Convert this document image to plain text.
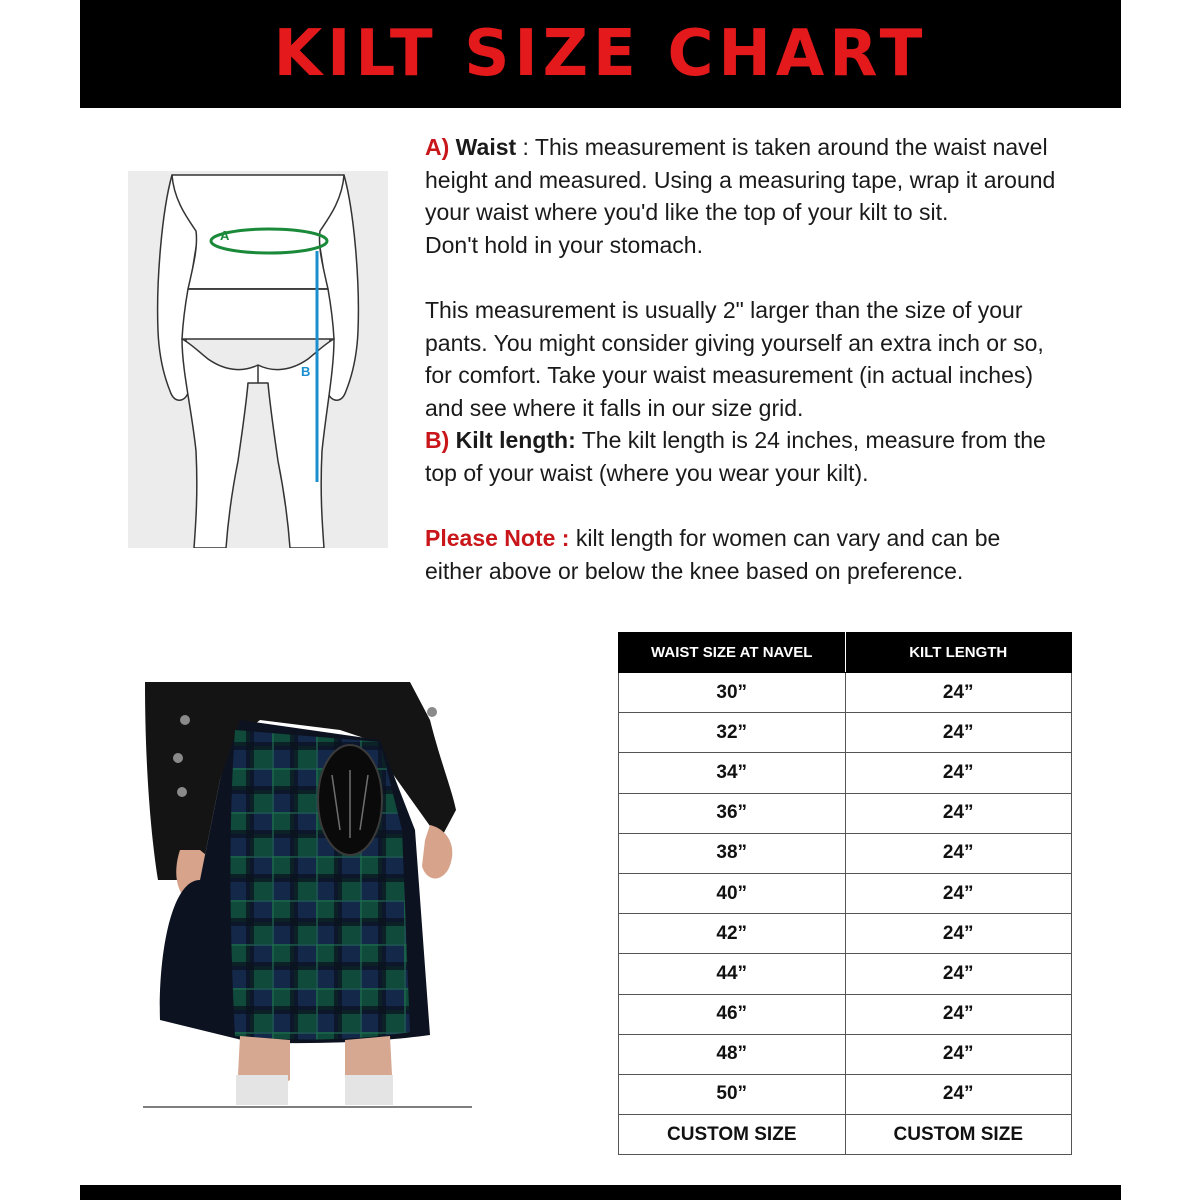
KILT SIZE CHART
A
B

A) Waist : This measurement is taken around the waist navel

height and measured. Using a measuring tape, wrap it around

your waist where you'd like the top of your kilt to sit.

Don't hold in your stomach.

This measurement is usually 2" larger than the size of your

pants. You might consider giving yourself an extra inch or so,

for comfort. Take your waist measurement (in actual inches)

and see where it falls in our size grid.

B) Kilt length: The kilt length is 24 inches, measure from the

top of your waist (where you wear your kilt).

Please Note : kilt length for women can vary and can be

either above or below the knee based on preference.

WAIST SIZE AT NAVEL	KILT LENGTH
30”	24”
32”	24”
34”	24”
36”	24”
38”	24”
40”	24”
42”	24”
44”	24”
46”	24”
48”	24”
50”	24”
CUSTOM SIZE	CUSTOM SIZE
